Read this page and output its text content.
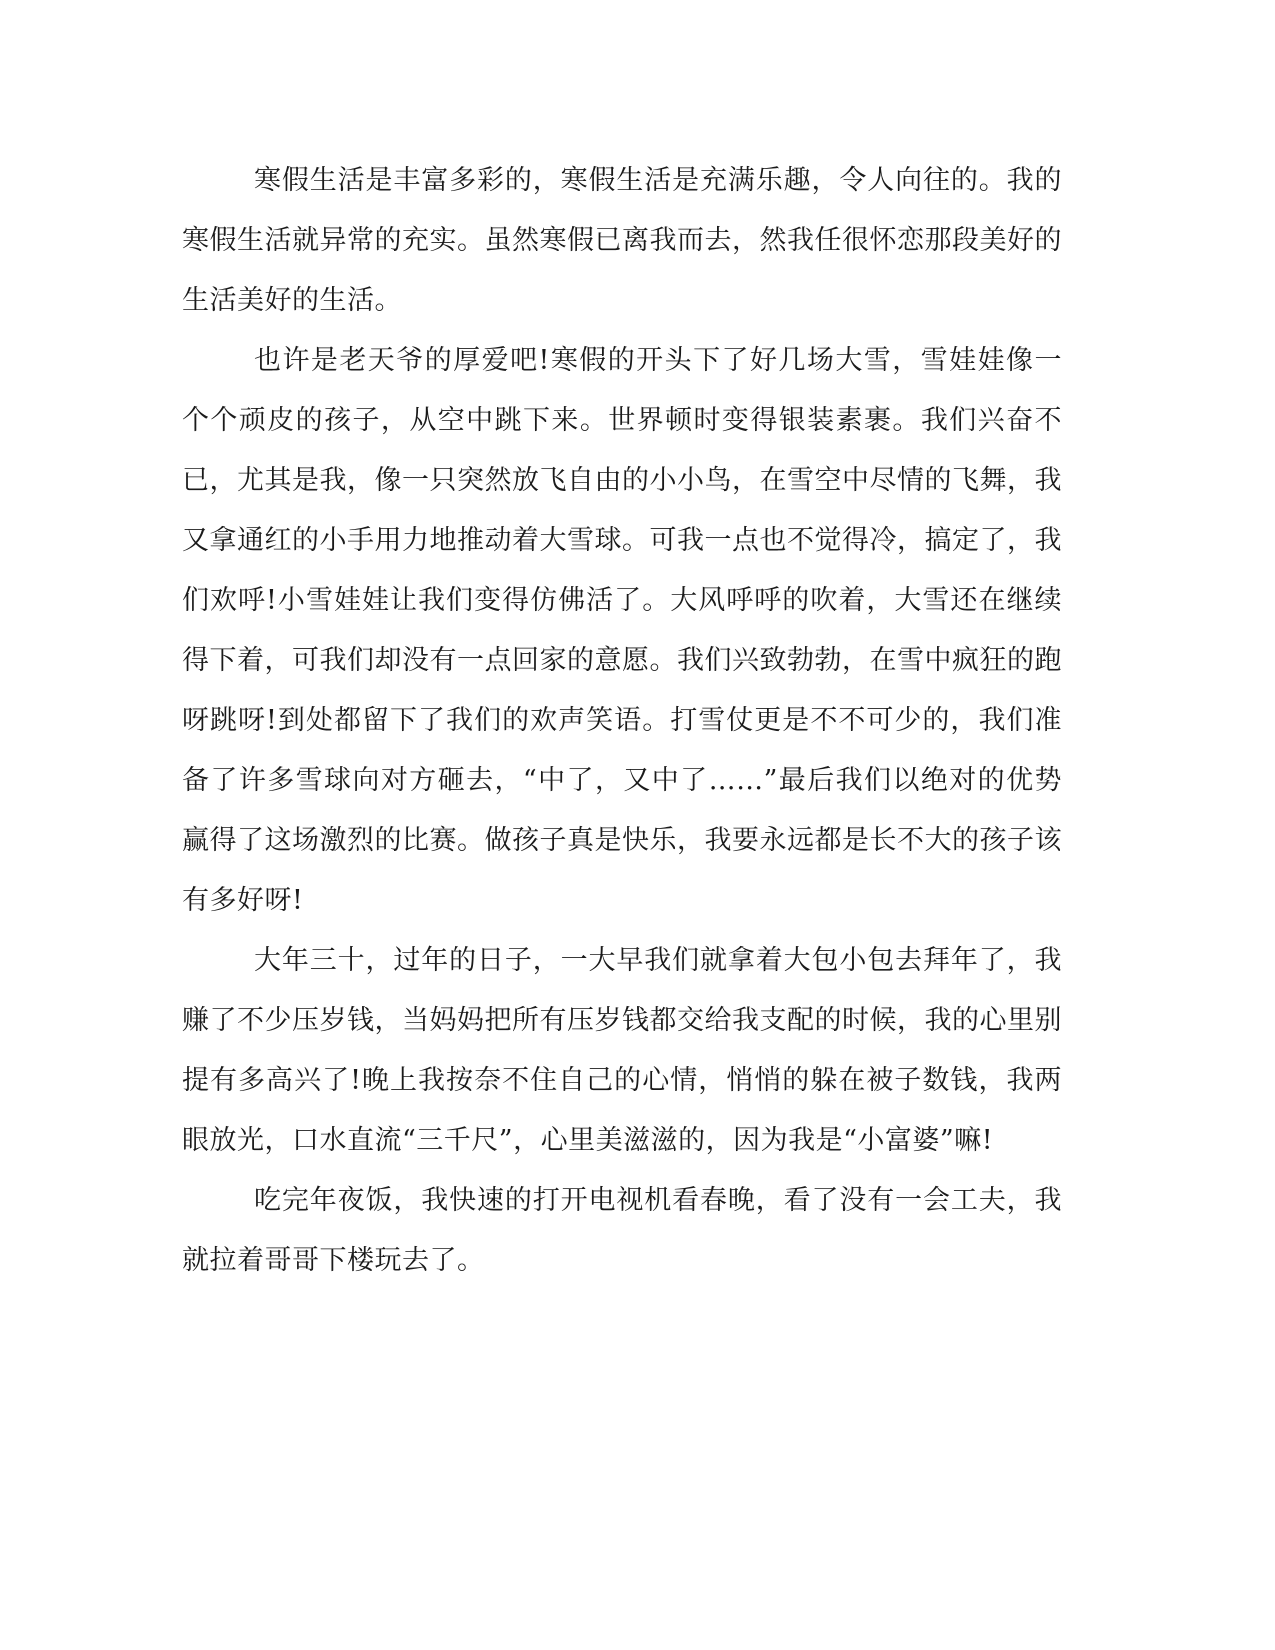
寒假生活是丰富多彩的，寒假生活是充满乐趣，令人向往的。我的寒假生活就异常的充实。虽然寒假已离我而去，然我任很怀恋那段美好的生活美好的生活。

也许是老天爷的厚爱吧!寒假的开头下了好几场大雪，雪娃娃像一个个顽皮的孩子，从空中跳下来。世界顿时变得银装素裹。我们兴奋不已，尤其是我，像一只突然放飞自由的小小鸟，在雪空中尽情的飞舞，我又拿通红的小手用力地推动着大雪球。可我一点也不觉得冷，搞定了，我们欢呼!小雪娃娃让我们变得仿佛活了。大风呼呼的吹着，大雪还在继续得下着，可我们却没有一点回家的意愿。我们兴致勃勃，在雪中疯狂的跑呀跳呀!到处都留下了我们的欢声笑语。打雪仗更是不不可少的，我们准备了许多雪球向对方砸去，“中了，又中了……”最后我们以绝对的优势赢得了这场激烈的比赛。做孩子真是快乐，我要永远都是长不大的孩子该有多好呀!

大年三十，过年的日子，一大早我们就拿着大包小包去拜年了，我赚了不少压岁钱，当妈妈把所有压岁钱都交给我支配的时候，我的心里别提有多高兴了!晚上我按奈不住自己的心情，悄悄的躲在被子数钱，我两眼放光，口水直流“三千尺”，心里美滋滋的，因为我是“小富婆”嘛!

吃完年夜饭，我快速的打开电视机看春晚，看了没有一会工夫，我就拉着哥哥下楼玩去了。
